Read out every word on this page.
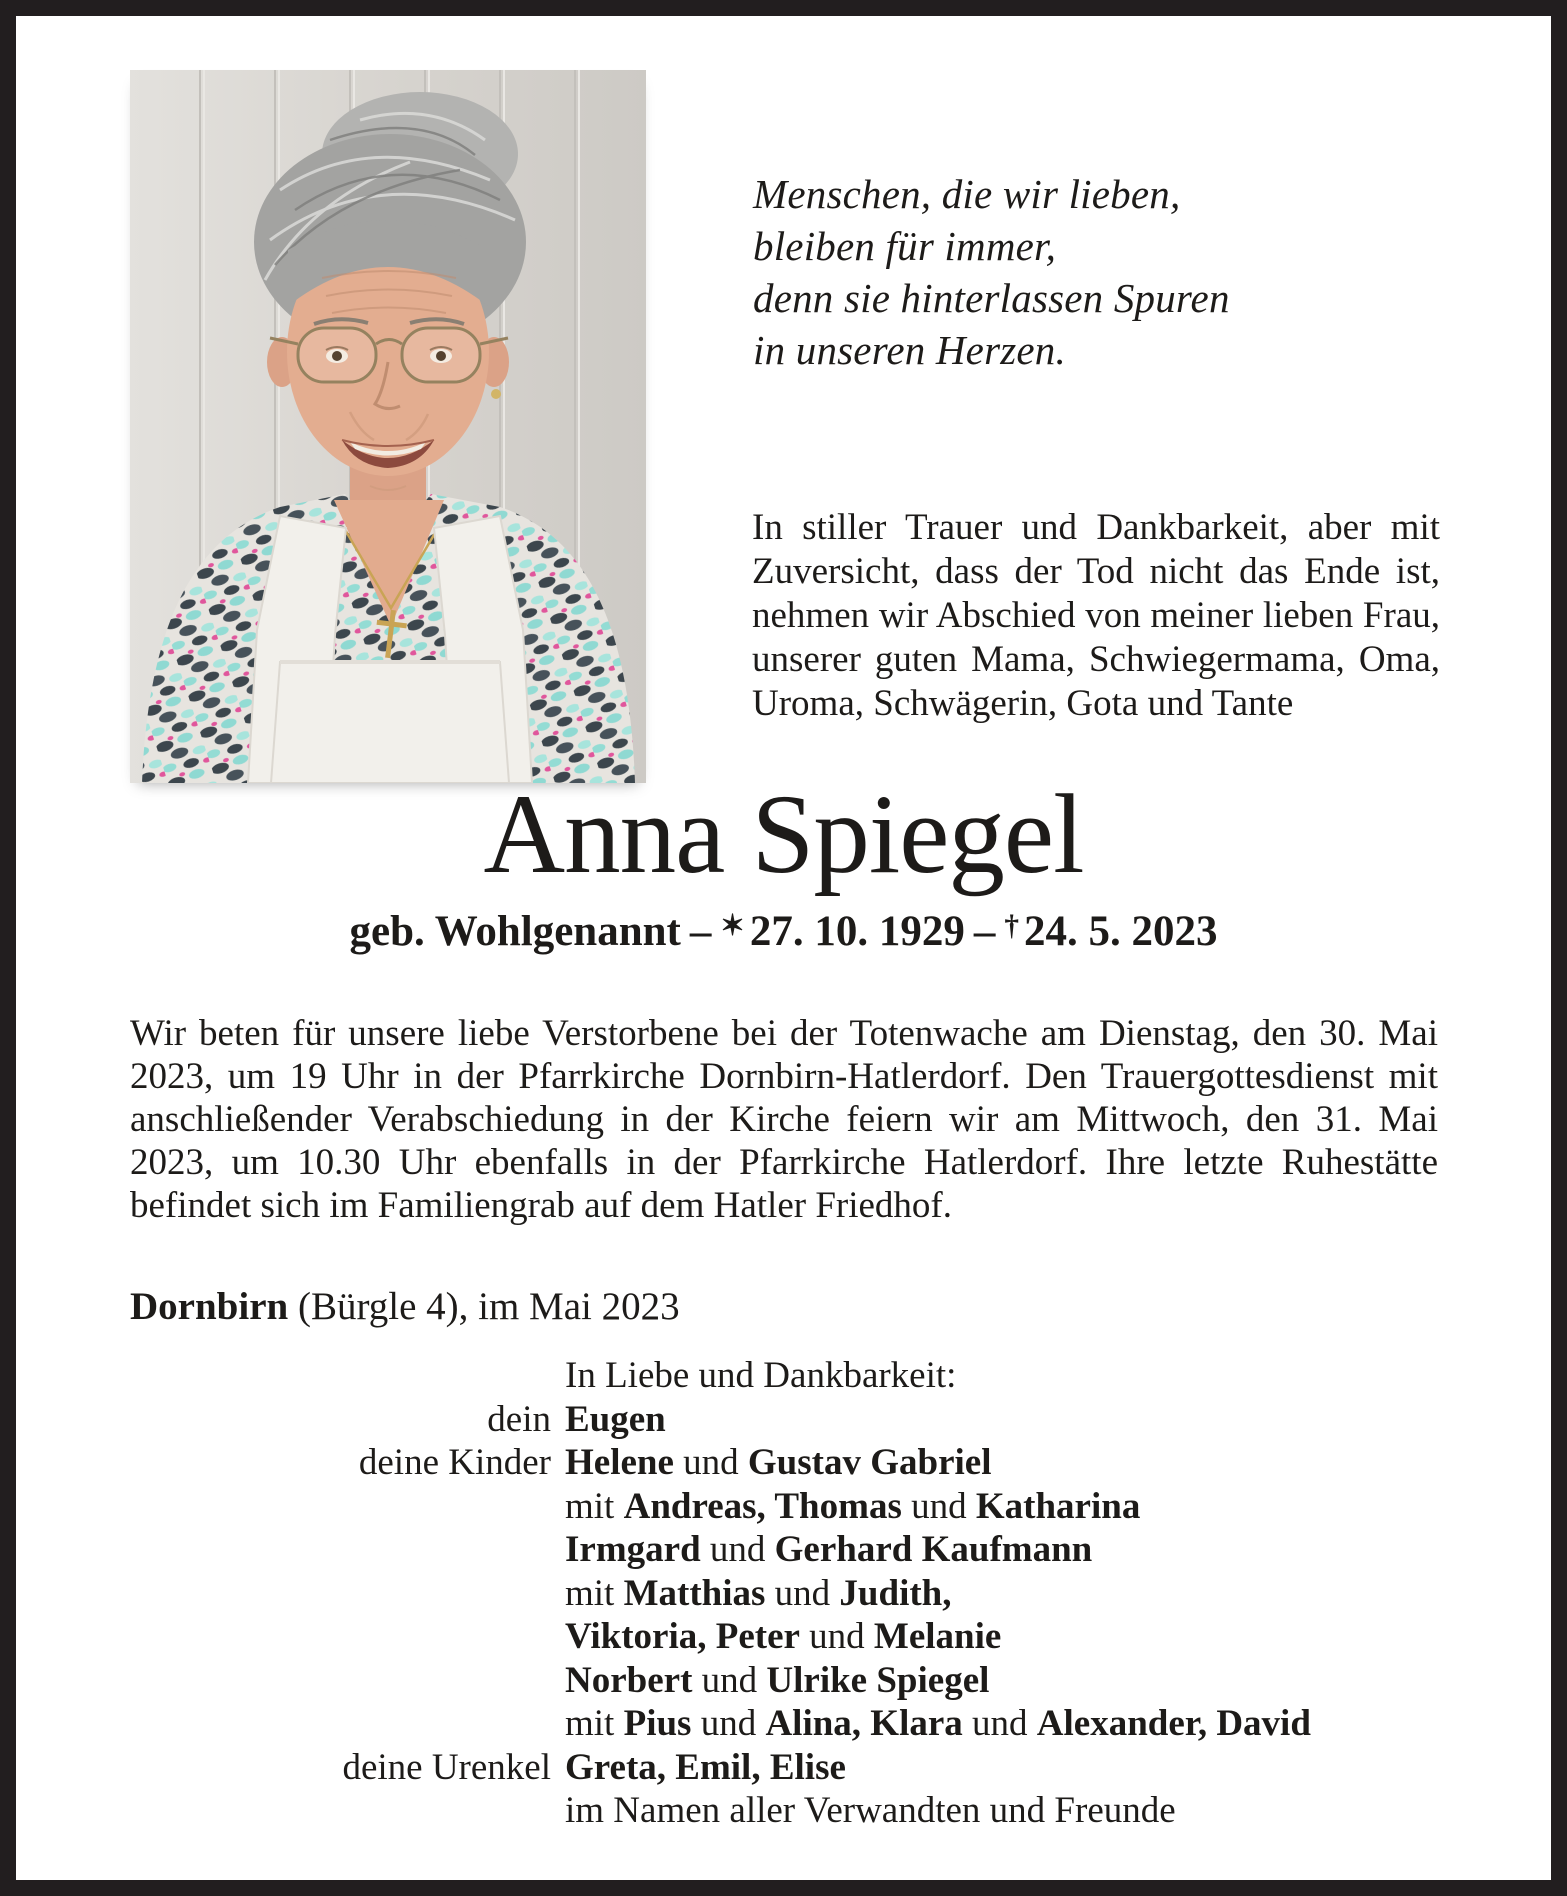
Menschen, die wir lieben,
bleiben für immer,
denn sie hinterlassen Spuren
in unseren Herzen.
In stiller Trauer und Dankbarkeit, aber mit Zuversicht, dass der Tod nicht das Ende ist, nehmen wir Abschied von meiner lieben Frau, unserer guten Mama, Schwiegermama, Oma, Uroma, Schwägerin, Gota und Tante
Anna Spiegel
geb. Wohlgenannt – ✶ 27. 10. 1929 – † 24. 5. 2023
Wir beten für unsere liebe Verstorbene bei der Totenwache am Dienstag, den 30. Mai 2023, um 19 Uhr in der Pfarrkirche Dornbirn-Hatlerdorf. Den Trauergottesdienst mit anschließender Verabschiedung in der Kirche feiern wir am Mittwoch, den 31. Mai 2023, um 10.30 Uhr ebenfalls in der Pfarrkirche Hatlerdorf. Ihre letzte Ruhestätte befindet sich im Familiengrab auf dem Hatler Friedhof.
Dornbirn (Bürgle 4), im Mai 2023
In Liebe und Dankbarkeit:
dein Eugen
deine Kinder Helene und Gustav Gabriel
mit Andreas, Thomas und Katharina
Irmgard und Gerhard Kaufmann
mit Matthias und Judith,
Viktoria, Peter und Melanie
Norbert und Ulrike Spiegel
mit Pius und Alina, Klara und Alexander, David
deine Urenkel Greta, Emil, Elise
im Namen aller Verwandten und Freunde
